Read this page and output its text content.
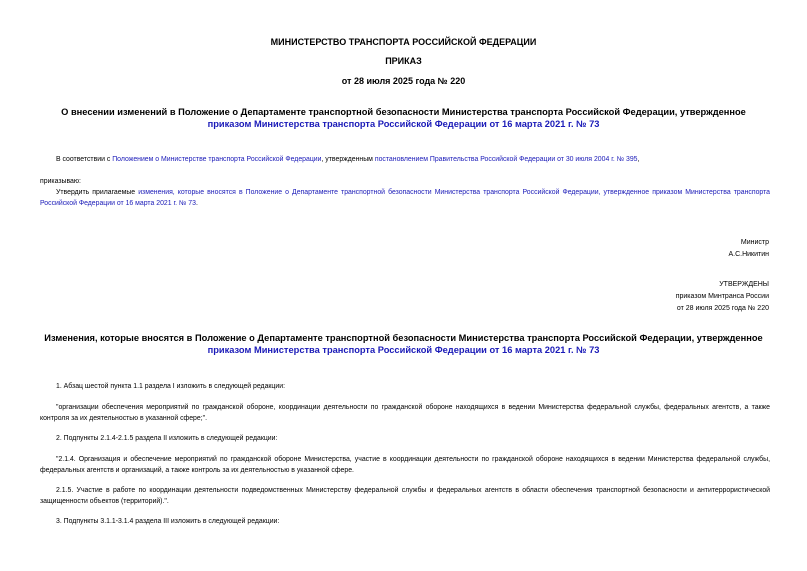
МИНИСТЕРСТВО ТРАНСПОРТА РОССИЙСКОЙ ФЕДЕРАЦИИ
ПРИКАЗ
от 28 июля 2025 года № 220
О внесении изменений в Положение о Департаменте транспортной безопасности Министерства транспорта Российской Федерации, утвержденное приказом Министерства транспорта Российской Федерации от 16 марта 2021 г. № 73
В соответствии с Положением о Министерстве транспорта Российской Федерации, утвержденным постановлением Правительства Российской Федерации от 30 июля 2004 г. № 395,
приказываю:
Утвердить прилагаемые изменения, которые вносятся в Положение о Департаменте транспортной безопасности Министерства транспорта Российской Федерации, утвержденное приказом Министерства транспорта Российской Федерации от 16 марта 2021 г. № 73.
Министр
А.С.Никитин
УТВЕРЖДЕНЫ
приказом Минтранса России
от 28 июля 2025 года № 220
Изменения, которые вносятся в Положение о Департаменте транспортной безопасности Министерства транспорта Российской Федерации, утвержденное приказом Министерства транспорта Российской Федерации от 16 марта 2021 г. № 73
1. Абзац шестой пункта 1.1 раздела I изложить в следующей редакции:
"организации обеспечения мероприятий по гражданской обороне, координации деятельности по гражданской обороне находящихся в ведении Министерства федеральной службы, федеральных агентств, а также контроля за их деятельностью в указанной сфере;".
2. Подпункты 2.1.4-2.1.5 раздела II изложить в следующей редакции:
"2.1.4. Организация и обеспечение мероприятий по гражданской обороне Министерства, участие в координации деятельности по гражданской обороне находящихся в ведении Министерства федеральной службы, федеральных агентств и организаций, а также контроль за их деятельностью в указанной сфере.
2.1.5. Участие в работе по координации деятельности подведомственных Министерству федеральной службы и федеральных агентств в области обеспечения транспортной безопасности и антитеррористической защищенности объектов (территорий).".
3. Подпункты 3.1.1-3.1.4 раздела III изложить в следующей редакции:
